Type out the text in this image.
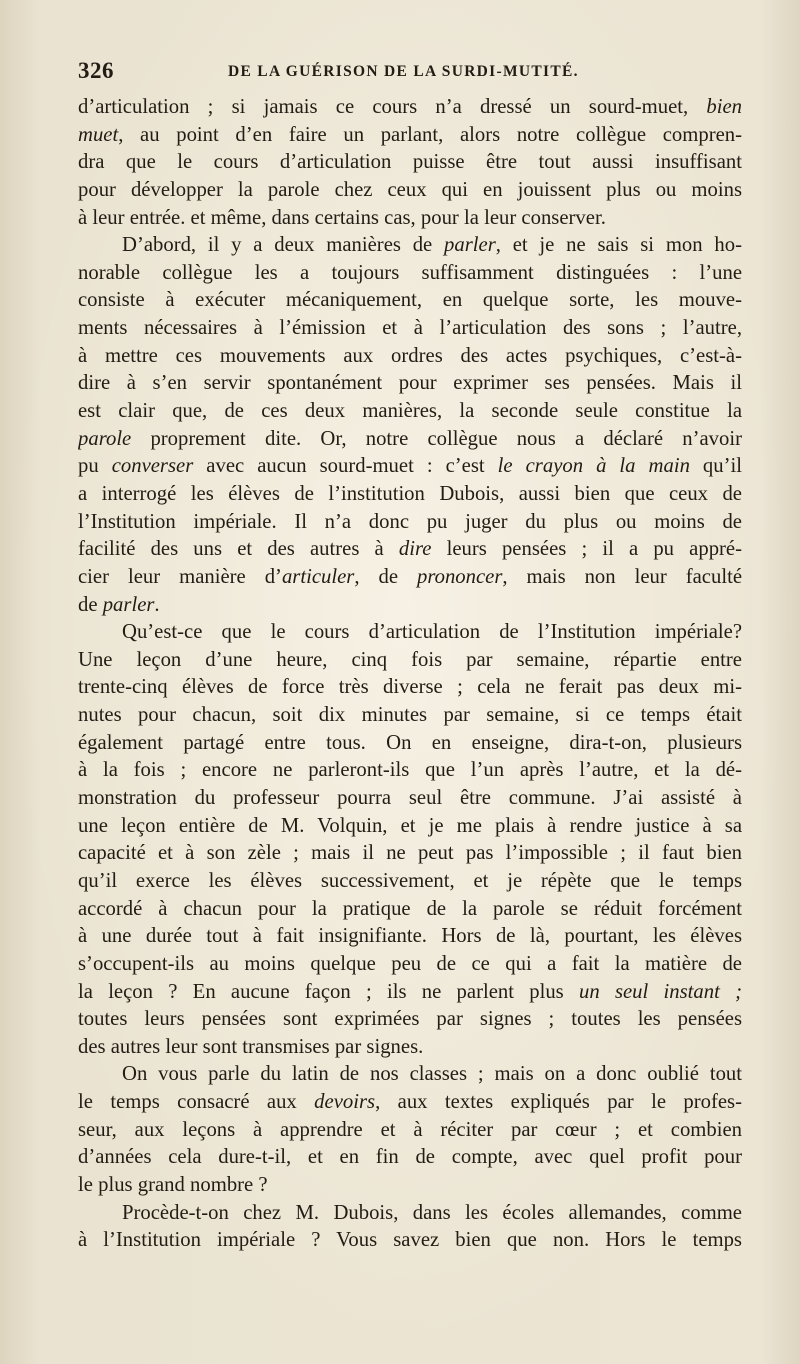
326	DE LA GUÉRISON DE LA SURDI-MUTITÉ.
d’articulation ; si jamais ce cours n’a dressé un sourd-muet, bien
muet, au point d’en faire un parlant, alors notre collègue compren-
dra que le cours d’articulation puisse être tout aussi insuffisant
pour développer la parole chez ceux qui en jouissent plus ou moins
à leur entrée. et même, dans certains cas, pour la leur conserver.
D’abord, il y a deux manières de parler, et je ne sais si mon ho-
norable collègue les a toujours suffisamment distinguées : l’une
consiste à exécuter mécaniquement, en quelque sorte, les mouve-
ments nécessaires à l’émission et à l’articulation des sons ; l’autre,
à mettre ces mouvements aux ordres des actes psychiques, c’est-à-
dire à s’en servir spontanément pour exprimer ses pensées. Mais il
est clair que, de ces deux manières, la seconde seule constitue la
parole proprement dite. Or, notre collègue nous a déclaré n’avoir
pu converser avec aucun sourd-muet : c’est le crayon à la main qu’il
a interrogé les élèves de l’institution Dubois, aussi bien que ceux de
l’Institution impériale. Il n’a donc pu juger du plus ou moins de
facilité des uns et des autres à dire leurs pensées ; il a pu appré-
cier leur manière d’articuler, de prononcer, mais non leur faculté
de parler.
Qu’est-ce que le cours d’articulation de l’Institution impériale?
Une leçon d’une heure, cinq fois par semaine, répartie entre
trente-cinq élèves de force très diverse ; cela ne ferait pas deux mi-
nutes pour chacun, soit dix minutes par semaine, si ce temps était
également partagé entre tous. On en enseigne, dira-t-on, plusieurs
à la fois ; encore ne parleront-ils que l’un après l’autre, et la dé-
monstration du professeur pourra seul être commune. J’ai assisté à
une leçon entière de M. Volquin, et je me plais à rendre justice à sa
capacité et à son zèle ; mais il ne peut pas l’impossible ; il faut bien
qu’il exerce les élèves successivement, et je répète que le temps
accordé à chacun pour la pratique de la parole se réduit forcément
à une durée tout à fait insignifiante. Hors de là, pourtant, les élèves
s’occupent-ils au moins quelque peu de ce qui a fait la matière de
la leçon ? En aucune façon ; ils ne parlent plus un seul instant ;
toutes leurs pensées sont exprimées par signes ; toutes les pensées
des autres leur sont transmises par signes.
On vous parle du latin de nos classes ; mais on a donc oublié tout
le temps consacré aux devoirs, aux textes expliqués par le profes-
seur, aux leçons à apprendre et à réciter par cœur ; et combien
d’années cela dure-t-il, et en fin de compte, avec quel profit pour
le plus grand nombre ?
Procède-t-on chez M. Dubois, dans les écoles allemandes, comme
à l’Institution impériale ? Vous savez bien que non. Hors le temps
